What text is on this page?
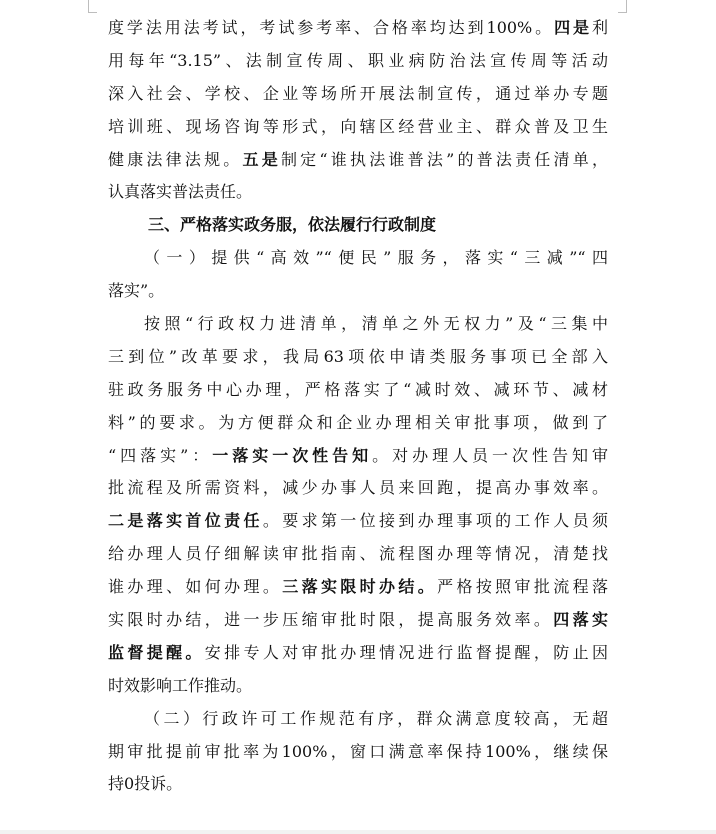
度学法用法考试，考试参考率、合格率均达到100%。四是利
用每年“3.15”、法制宣传周、职业病防治法宣传周等活动
深入社会、学校、企业等场所开展法制宣传，通过举办专题
培训班、现场咨询等形式，向辖区经营业主、群众普及卫生
健康法律法规。五是制定“谁执法谁普法”的普法责任清单，
认真落实普法责任。
三、严格落实政务服，依法履行行政制度
（一）提供“高效”“便民”服务，落实“三减”“四
落实”。
按照“行政权力进清单，清单之外无权力”及“三集中
三到位”改革要求，我局63项依申请类服务事项已全部入
驻政务服务中心办理，严格落实了“减时效、减环节、减材
料”的要求。为方便群众和企业办理相关审批事项，做到了
“四落实”：一落实一次性告知。对办理人员一次性告知审
批流程及所需资料，减少办事人员来回跑，提高办事效率。
二是落实首位责任。要求第一位接到办理事项的工作人员须
给办理人员仔细解读审批指南、流程图办理等情况，清楚找
谁办理、如何办理。三落实限时办结。严格按照审批流程落
实限时办结，进一步压缩审批时限，提高服务效率。四落实
监督提醒。安排专人对审批办理情况进行监督提醒，防止因
时效影响工作推动。
（二）行政许可工作规范有序，群众满意度较高，无超
期审批提前审批率为100%，窗口满意率保持100%，继续保
持0投诉。
